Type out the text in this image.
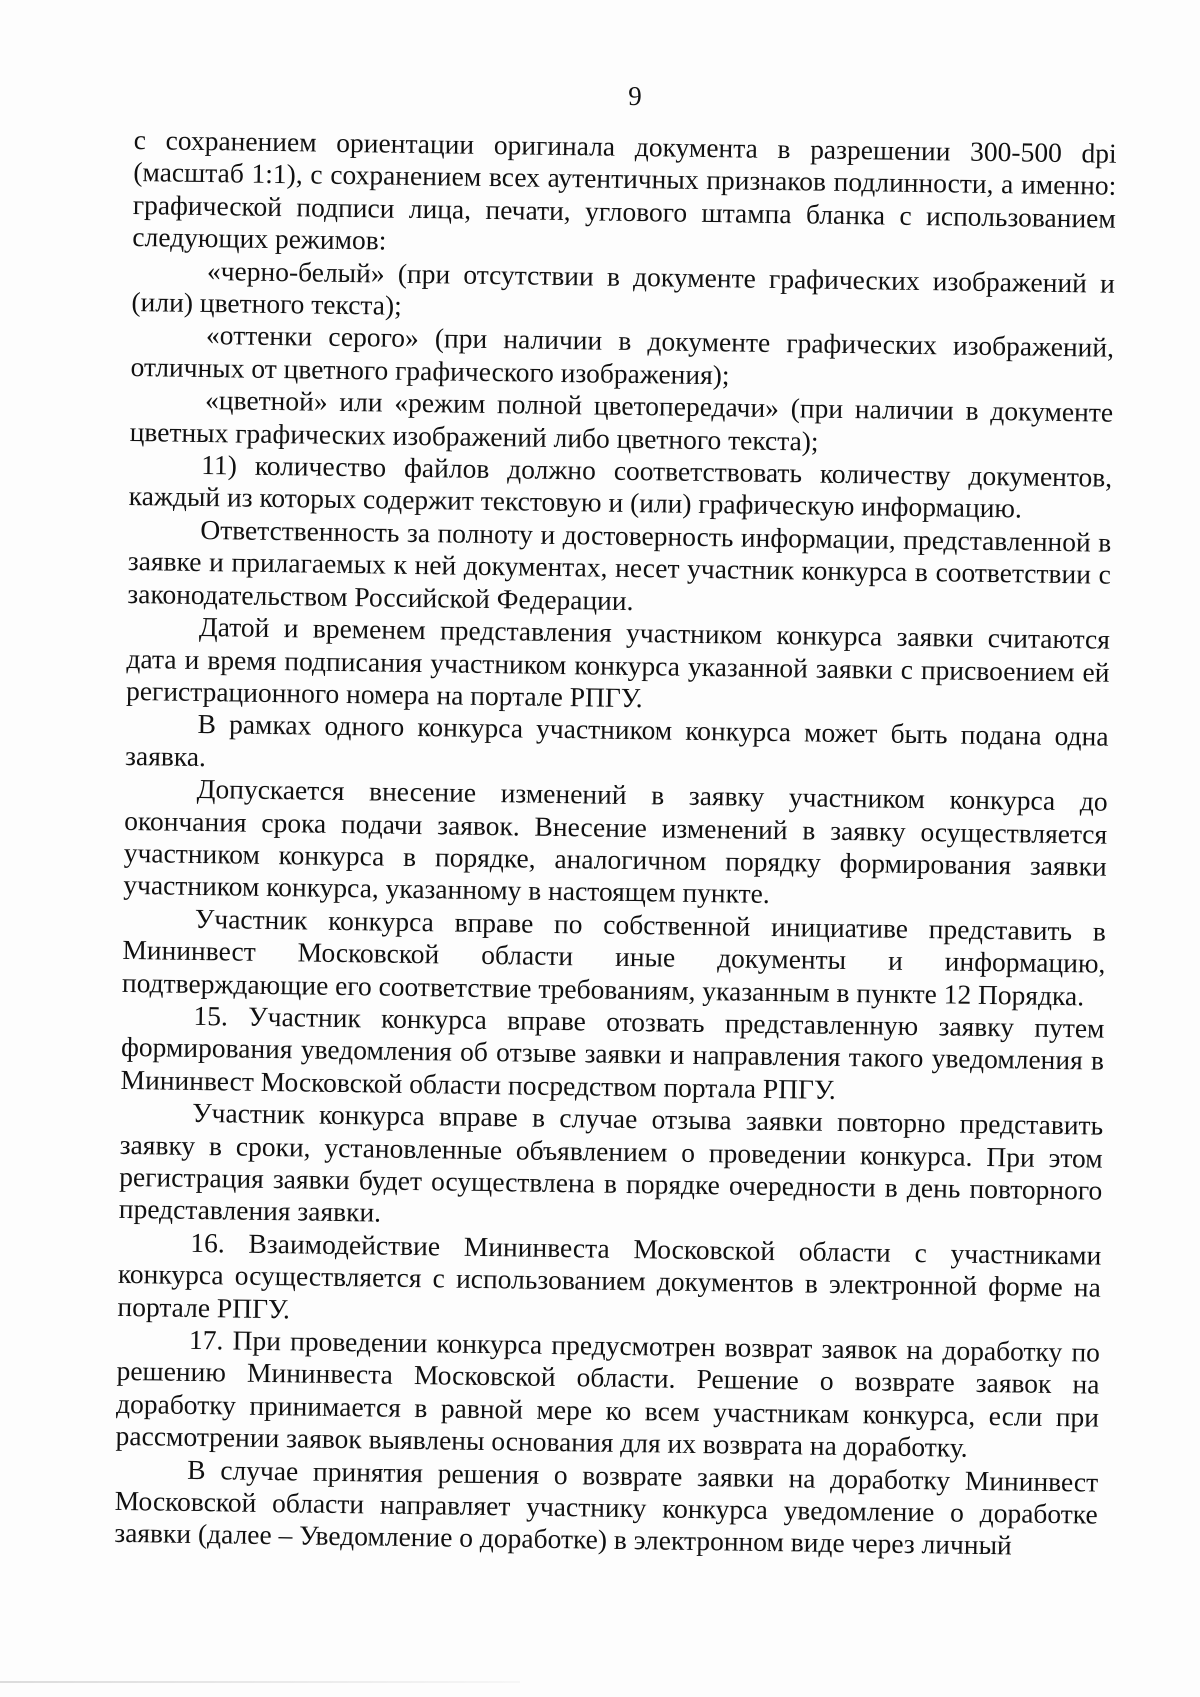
9

с сохранением ориентации оригинала документа в разрешении 300-500 dpi (масштаб 1:1), с сохранением всех аутентичных признаков подлинности, а именно: графической подписи лица, печати, углового штампа бланка с использованием следующих режимов:

«черно-белый» (при отсутствии в документе графических изображений и (или) цветного текста);

«оттенки серого» (при наличии в документе графических изображений, отличных от цветного графического изображения);

«цветной» или «режим полной цветопередачи» (при наличии в документе цветных графических изображений либо цветного текста);

11) количество файлов должно соответствовать количеству документов, каждый из которых содержит текстовую и (или) графическую информацию.

Ответственность за полноту и достоверность информации, представленной в заявке и прилагаемых к ней документах, несет участник конкурса в соответствии с законодательством Российской Федерации.

Датой и временем представления участником конкурса заявки считаются дата и время подписания участником конкурса указанной заявки с присвоением ей регистрационного номера на портале РПГУ.

В рамках одного конкурса участником конкурса может быть подана одна заявка.

Допускается внесение изменений в заявку участником конкурса до окончания срока подачи заявок. Внесение изменений в заявку осуществляется участником конкурса в порядке, аналогичном порядку формирования заявки участником конкурса, указанному в настоящем пункте.

Участник конкурса вправе по собственной инициативе представить в Мининвест Московской области иные документы и информацию, подтверждающие его соответствие требованиям, указанным в пункте 12 Порядка.

15. Участник конкурса вправе отозвать представленную заявку путем формирования уведомления об отзыве заявки и направления такого уведомления в Мининвест Московской области посредством портала РПГУ.

Участник конкурса вправе в случае отзыва заявки повторно представить заявку в сроки, установленные объявлением о проведении конкурса. При этом регистрация заявки будет осуществлена в порядке очередности в день повторного представления заявки.

16. Взаимодействие Мининвеста Московской области с участниками конкурса осуществляется с использованием документов в электронной форме на портале РПГУ.

17. При проведении конкурса предусмотрен возврат заявок на доработку по решению Мининвеста Московской области. Решение о возврате заявок на доработку принимается в равной мере ко всем участникам конкурса, если при рассмотрении заявок выявлены основания для их возврата на доработку.

В случае принятия решения о возврате заявки на доработку Мининвест Московской области направляет участнику конкурса уведомление о доработке заявки (далее – Уведомление о доработке) в электронном виде через личный
